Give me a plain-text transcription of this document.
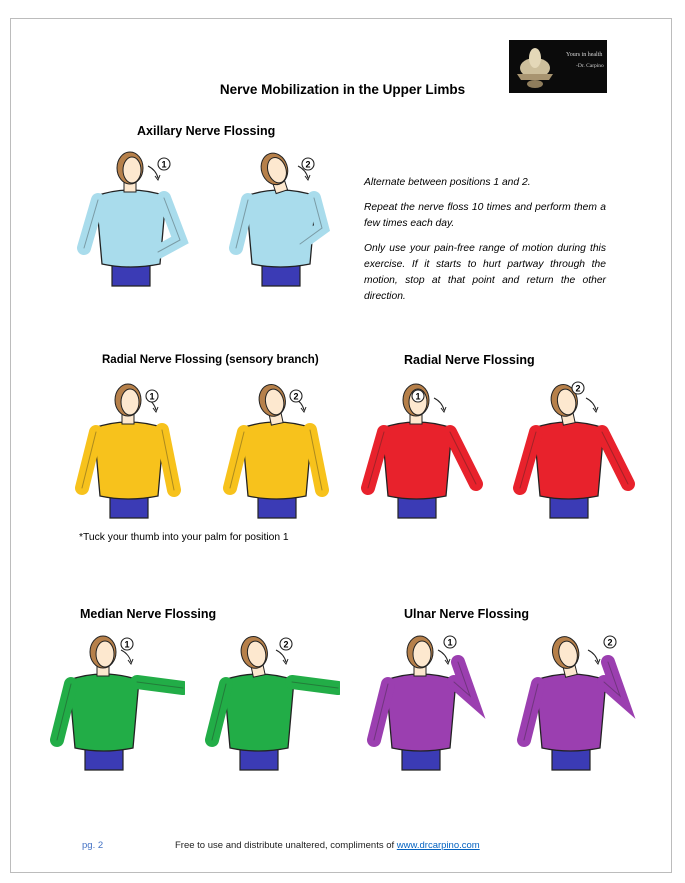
Yours in health
-Dr. Carpino
Nerve Mobilization in the Upper Limbs
Axillary Nerve Flossing
Radial Nerve Flossing (sensory branch)	Radial Nerve Flossing
Median Nerve Flossing	Ulnar Nerve Flossing

Alternate between positions 1 and 2.

Repeat the nerve floss 10 times and perform them a few times each day.

Only use your pain-free range of motion during this exercise. If it starts to hurt partway through the motion, stop at that point and return the other direction.

*Tuck your thumb into your palm for position 1
1	2
1	2	1
2
1	2	1	2
pg. 2	Free to use and distribute unaltered, compliments of www.drcarpino.com
